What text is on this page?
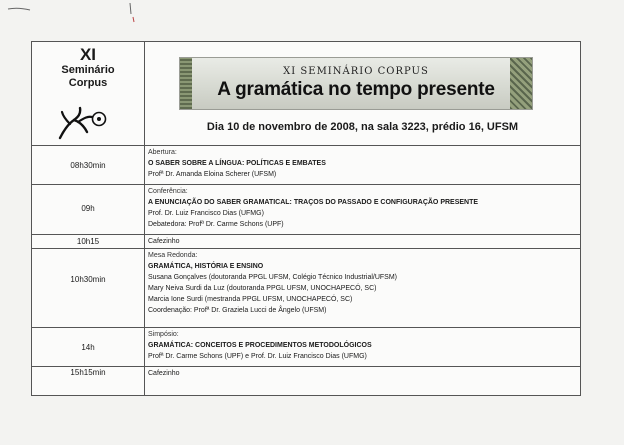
XI
Seminário
Corpus
XI SEMINÁRIO CORPUS
A gramática no tempo presente
Dia 10 de novembro de 2008, na sala 3223, prédio 16, UFSM
08h30min
Abertura:
O SABER SOBRE A LÍNGUA: POLÍTICAS E EMBATES
Profª Dr. Amanda Eloina Scherer (UFSM)
09h
Conferência:
A ENUNCIAÇÃO DO SABER GRAMATICAL: TRAÇOS DO PASSADO E CONFIGURAÇÃO PRESENTE
Prof. Dr. Luiz Francisco Dias (UFMG)
Debatedora: Profª Dr. Carme Schons (UPF)
10h15	Cafezinho
10h30min
Mesa Redonda:
GRAMÁTICA, HISTÓRIA E ENSINO
Susana Gonçalves (doutoranda PPGL UFSM, Colégio Técnico Industrial/UFSM)
Mary Neiva Surdi da Luz (doutoranda PPGL UFSM, UNOCHAPECÓ, SC)
Marcia Ione Surdi (mestranda PPGL UFSM, UNOCHAPECÓ, SC)
Coordenação: Profª Dr. Graziela Lucci de Ângelo (UFSM)
14h
Simpósio:
GRAMÁTICA: CONCEITOS E PROCEDIMENTOS METODOLÓGICOS
Profª Dr. Carme Schons (UPF) e Prof. Dr. Luiz Francisco Dias (UFMG)
15h15min	Cafezinho
